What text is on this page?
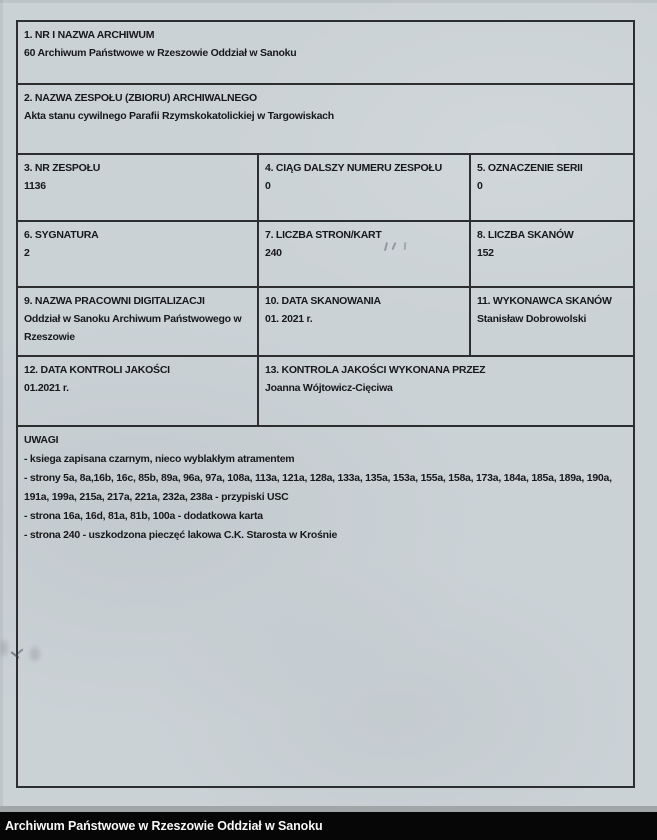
1. NR I NAZWA ARCHIWUM
60 Archiwum Państwowe w Rzeszowie Oddział w Sanoku
2. NAZWA ZESPOŁU (ZBIORU) ARCHIWALNEGO
Akta stanu cywilnego Parafii Rzymskokatolickiej w Targowiskach
3. NR ZESPOŁU
1136
4. CIĄG DALSZY NUMERU ZESPOŁU
0
5. OZNACZENIE SERII
0
6. SYGNATURA
2
7. LICZBA STRON/KART
240
8. LICZBA SKANÓW
152
9. NAZWA PRACOWNI DIGITALIZACJI
Oddział w Sanoku Archiwum Państwowego w Rzeszowie
10. DATA SKANOWANIA
01. 2021 r.
11. WYKONAWCA SKANÓW
Stanisław Dobrowolski
12. DATA KONTROLI JAKOŚCI
01.2021 r.
13. KONTROLA JAKOŚCI WYKONANA PRZEZ
Joanna Wójtowicz-Cięciwa
UWAGI
- ksiega zapisana czarnym, nieco wyblakłym atramentem
- strony 5a, 8a,16b, 16c, 85b, 89a, 96a, 97a, 108a, 113a, 121a, 128a, 133a, 135a, 153a, 155a, 158a, 173a, 184a, 185a, 189a, 190a, 191a, 199a, 215a, 217a, 221a, 232a, 238a - przypiski USC
- strona 16a, 16d, 81a, 81b, 100a - dodatkowa karta
- strona 240 - uszkodzona pieczęć lakowa C.K. Starosta w Krośnie
Archiwum Państwowe w Rzeszowie Oddział w Sanoku
